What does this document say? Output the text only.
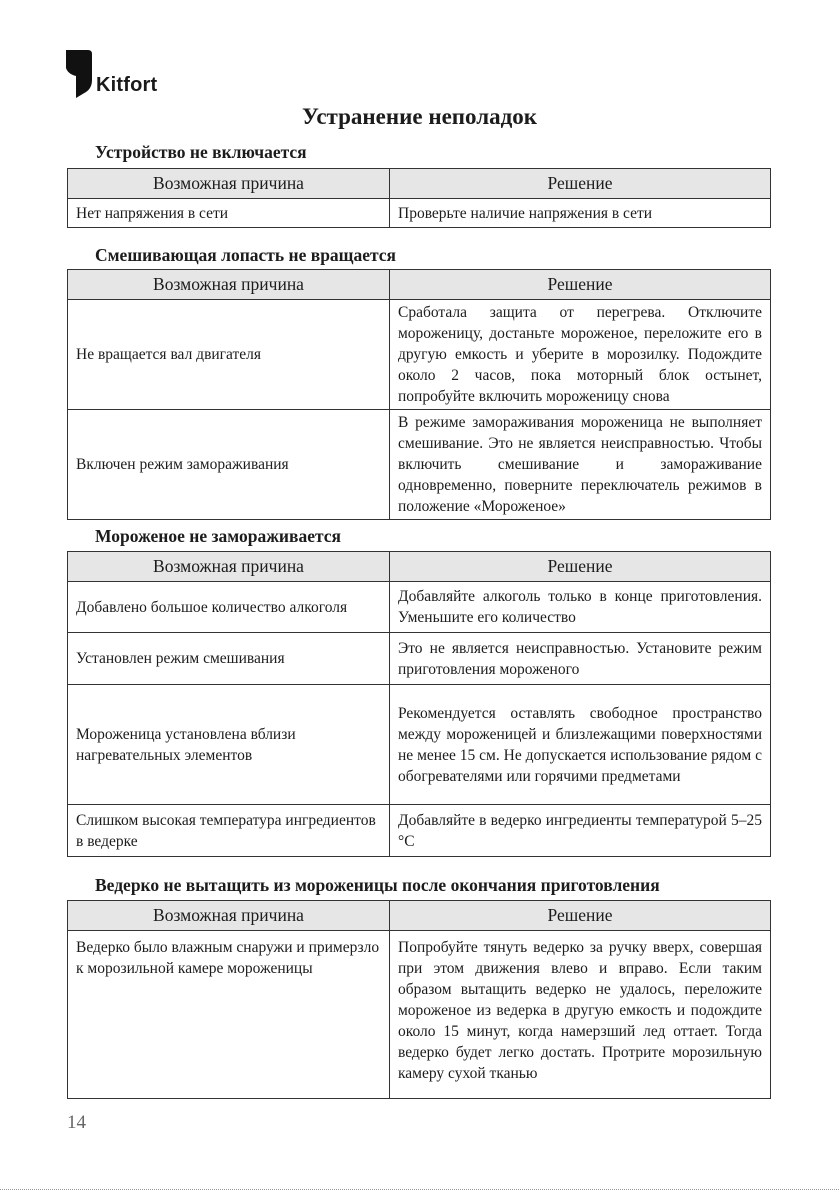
Kitfort
Устранение неполадок
Устройство не включается
Возможная причина	Решение
Нет напряжения в сети	Проверьте наличие напряжения в сети
Смешивающая лопасть не вращается
Возможная причина	Решение
Не вращается вал двигателя	Сработала защита от перегрева. Отключите мороженицу, достаньте мороженое, переложите его в другую емкость и уберите в морозилку. Подождите около 2 часов, пока моторный блок остынет, попробуйте включить мороженицу снова
Включен режим замораживания	В режиме замораживания мороженица не выполняет смешивание. Это не является неисправностью. Чтобы включить смешивание и замораживание одновременно, поверните переключатель режимов в положение «Мороженое»
Мороженое не замораживается
Возможная причина	Решение
Добавлено большое количество алкоголя	Добавляйте алкоголь только в конце приготовления. Уменьшите его количество
Установлен режим смешивания	Это не является неисправностью. Установите режим приготовления мороженого
Мороженица установлена вблизи нагревательных элементов	Рекомендуется оставлять свободное пространство между мороженицей и близлежащими поверхностями не менее 15 см. Не допускается использование рядом с обогревателями или горячими предметами
Слишком высокая температура ингредиентов в ведерке	Добавляйте в ведерко ингредиенты температурой 5–25 °С
Ведерко не вытащить из мороженицы после окончания приготовления
Возможная причина	Решение
Ведерко было влажным снаружи и примерзло к морозильной камере мороженицы	Попробуйте тянуть ведерко за ручку вверх, совершая при этом движения влево и вправо. Если таким образом вытащить ведерко не удалось, переложите мороженое из ведерка в другую емкость и подождите около 15 минут, когда намерзший лед оттает. Тогда ведерко будет легко достать. Протрите морозильную камеру сухой тканью
14
